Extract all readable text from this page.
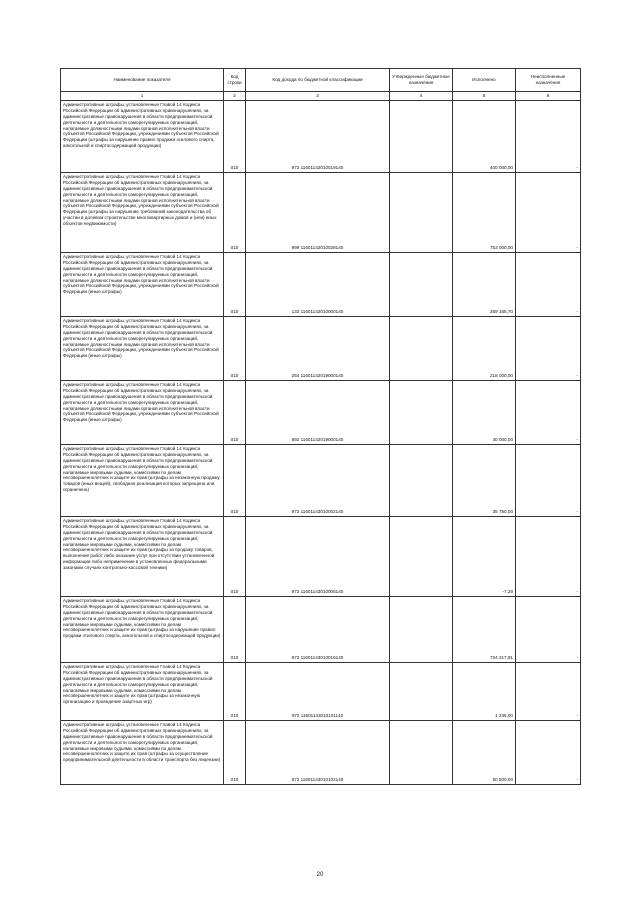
Наименование показателя	Код строки	Код дохода по бюджетной классификации	Утвержденные бюджетные назначения	Исполнено	Неисполненные назначения
1	2	3	4	5	6
Административные штрафы, установленные Главой 14 Кодекса Российской Федерации об административных правонарушениях, за административные правонарушения в области предпринимательской деятельности и деятельности саморегулируемых организаций, налагаемые должностными лицами органов исполнительной власти субъектов Российской Федерации, учреждениями субъектов Российской Федерации (штрафы за нарушение правил продажи этилового спирта, алкогольной и спиртосодержащей продукции)	010	972 11601142010019140		400 000,00	-
Административные штрафы, установленные Главой 14 Кодекса Российской Федерации об административных правонарушениях, за административные правонарушения в области предпринимательской деятельности и деятельности саморегулируемых организаций, налагаемые должностными лицами органов исполнительной власти субъектов Российской Федерации, учреждениями субъектов Российской Федерации (штрафы за нарушение требований законодательства об участии в долевом строительстве многоквартирных домов и (или) иных объектов недвижимости)	010	999 11601142010028140		753 000,00	-
Административные штрафы, установленные Главой 14 Кодекса Российской Федерации об административных правонарушениях, за административные правонарушения в области предпринимательской деятельности и деятельности саморегулируемых организаций, налагаемые должностными лицами органов исполнительной власти субъектов Российской Федерации, учреждениями субъектов Российской Федерации (иные штрафы)	010	133 11601142010000140		269 165,70	-
Административные штрафы, установленные Главой 14 Кодекса Российской Федерации об административных правонарушениях, за административные правонарушения в области предпринимательской деятельности и деятельности саморегулируемых организаций, налагаемые должностными лицами органов исполнительной власти субъектов Российской Федерации, учреждениями субъектов Российской Федерации (иные штрафы)	010	254 11601142019000140		218 000,00	-
Административные штрафы, установленные Главой 14 Кодекса Российской Федерации об административных правонарушениях, за административные правонарушения в области предпринимательской деятельности и деятельности саморегулируемых организаций, налагаемые должностными лицами органов исполнительной власти субъектов Российской Федерации, учреждениями субъектов Российской Федерации (иные штрафы)	010	892 11601142019000140		40 000,00	-
Административные штрафы, установленные Главой 14 Кодекса Российской Федерации об административных правонарушениях, за административные правонарушения в области предпринимательской деятельности и деятельности саморегулируемых организаций, налагаемые мировыми судьями, комиссиями по делам несовершеннолетних и защите их прав (штрафы за незаконную продажу товаров (иных вещей), свободная реализация которых запрещена или ограничена)	010	972 11601143010002140		35 750,00	-
Административные штрафы, установленные Главой 14 Кодекса Российской Федерации об административных правонарушениях, за административные правонарушения в области предпринимательской деятельности и деятельности саморегулируемых организаций, налагаемые мировыми судьями, комиссиями по делам несовершеннолетних и защите их прав (штрафы за продажу товаров, выполнение работ либо оказание услуг при отсутствии установленной информации либо неприменение в установленных федеральными законами случаях контрольно-кассовой техники)	010	972 11601143010005140		-7,29	-
Административные штрафы, установленные Главой 14 Кодекса Российской Федерации об административных правонарушениях, за административные правонарушения в области предпринимательской деятельности и деятельности саморегулируемых организаций, налагаемые мировыми судьями, комиссиями по делам несовершеннолетних и защите их прав (штрафы за нарушение правил продажи этилового спирта, алкогольной и спиртосодержащей продукции)	010	972 11601143010016140		734 217,81	-
Административные штрафы, установленные Главой 14 Кодекса Российской Федерации об административных правонарушениях, за административные правонарушения в области предпринимательской деятельности и деятельности саморегулируемых организаций, налагаемые мировыми судьями, комиссиями по делам несовершеннолетних и защите их прав (штрафы за незаконную организацию и проведение азартных игр)	010	972 11601143010101140		1 235,00	-
Административные штрафы, установленные Главой 14 Кодекса Российской Федерации об административных правонарушениях, за административные правонарушения в области предпринимательской деятельности и деятельности саморегулируемых организаций, налагаемые мировыми судьями, комиссиями по делам несовершеннолетних и защите их прав (штрафы за осуществление предпринимательской деятельности в области транспорта без лицензии)	010	972 11601143010102140		50 500,00	-
20
